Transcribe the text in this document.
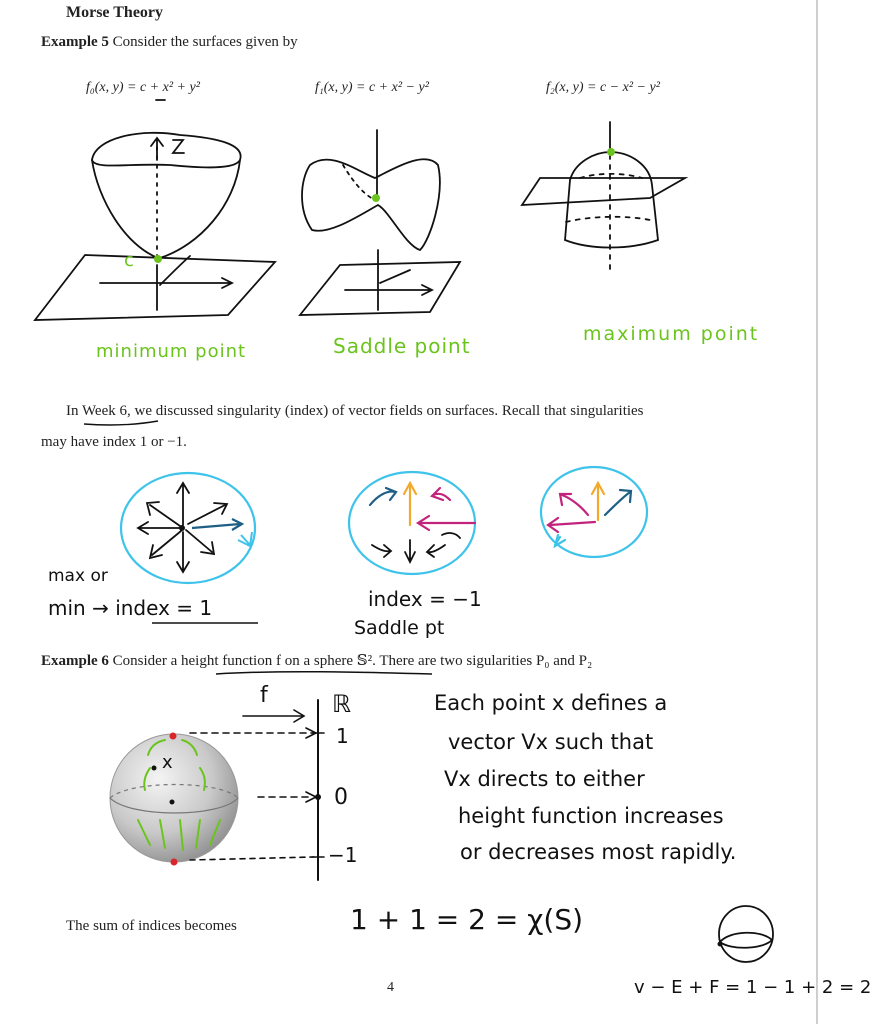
Morse Theory
Example 5 Consider the surfaces given by
f₀(x, y) = c + x² + y²	f₁(x, y) = c + x² − y²	f₂(x, y) = c − x² − y²
c
minimum point	Saddle point	maximum point
In Week 6, we discussed singularity (index) of vector fields on surfaces. Recall that singularities
may have index 1 or −1.
max or
min → index = 1	index = −1
Saddle pt
Example 6 Consider a height function f on a sphere 𝕊². There are two sigularities P₀ and P₂
f	ℝ
1
0
−1
x
Each point x defines a
vector Vx such that
Vx directs to either
height function increases
or decreases most rapidly.
The sum of indices becomes	1 + 1 = 2 = χ(S)
v − E + F = 1 − 1 + 2 = 2
4
